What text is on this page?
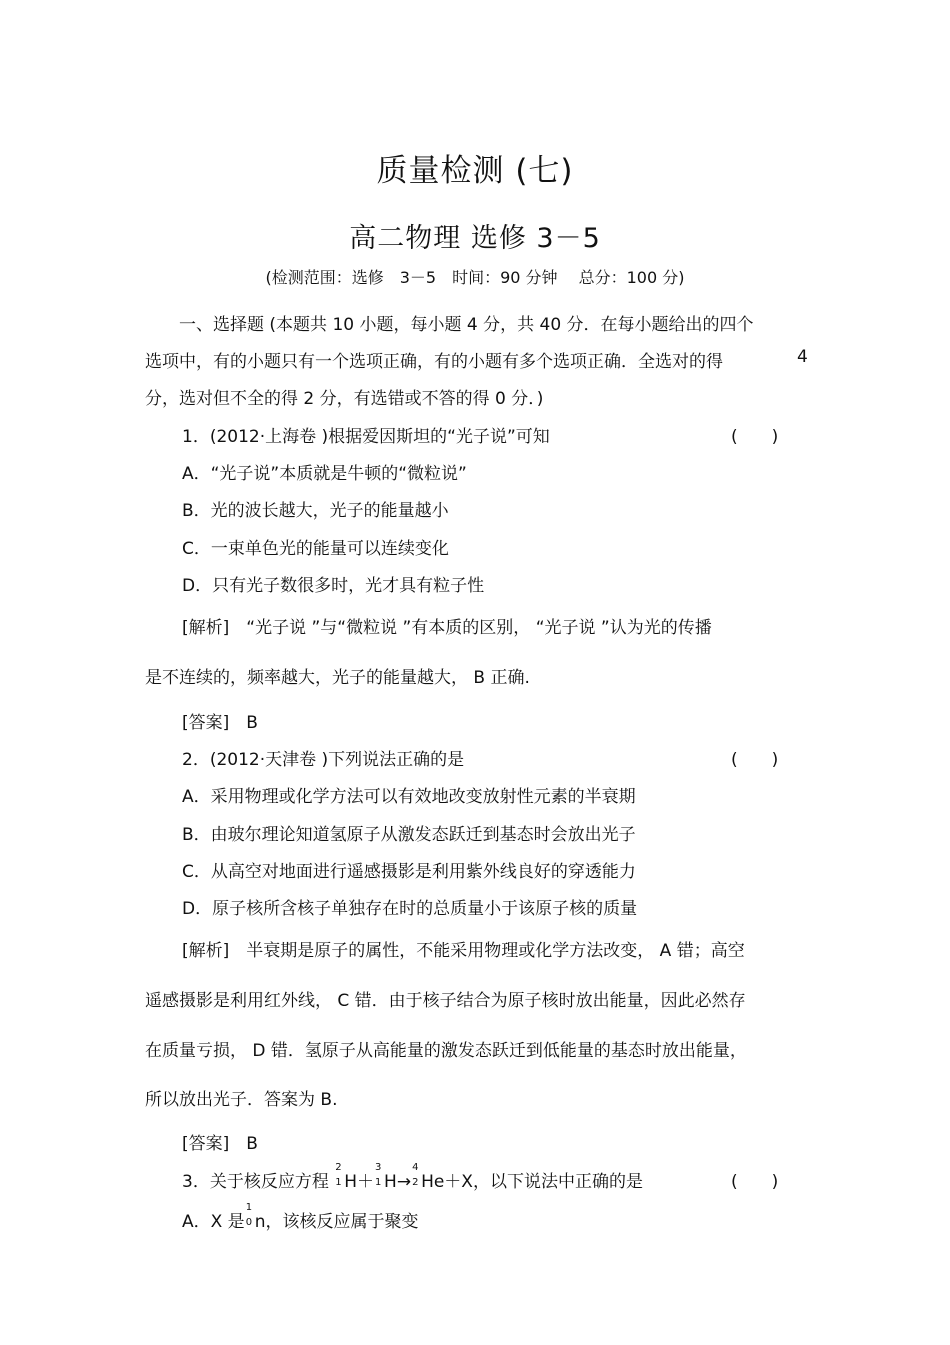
质量检测 (七)
高二物理 选修 3－5
(检测范围：选修　3－5　时间：90 分钟　 总分：100 分)
一、选择题 (本题共 10 小题，每小题 4 分，共 40 分．在每小题给出的四个
选项中，有的小题只有一个选项正确，有的小题有多个选项正确．全选对的得	4
分，选对但不全的得 2 分，有选错或不答的得 0 分．)
1．(2012·上海卷 )根据爱因斯坦的“光子说”可知	(　　)
A．“光子说”本质就是牛顿的“微粒说”
B．光的波长越大，光子的能量越小
C．一束单色光的能量可以连续变化
D．只有光子数很多时，光才具有粒子性
[解析]　“光子说 ”与“微粒说 ”有本质的区别， “光子说 ”认为光的传播
是不连续的，频率越大，光子的能量越大， B 正确.
[答案]　B
2．(2012·天津卷 )下列说法正确的是	(　　)
A．采用物理或化学方法可以有效地改变放射性元素的半衰期
B．由玻尔理论知道氢原子从激发态跃迁到基态时会放出光子
C．从高空对地面进行遥感摄影是利用紫外线良好的穿透能力
D．原子核所含核子单独存在时的总质量小于该原子核的质量
[解析]　半衰期是原子的属性，不能采用物理或化学方法改变， A 错；高空
遥感摄影是利用红外线， C 错．由于核子结合为原子核时放出能量，因此必然存
在质量亏损， D 错．氢原子从高能量的激发态跃迁到低能量的基态时放出能量，
所以放出光子．答案为 B.
[答案]　B
3．关于核反应方程
2
1 H＋
3
1 H→
4
2 He＋X，以下说法中正确的是	(　　)
A．X 是
1
0 n，该核反应属于聚变
